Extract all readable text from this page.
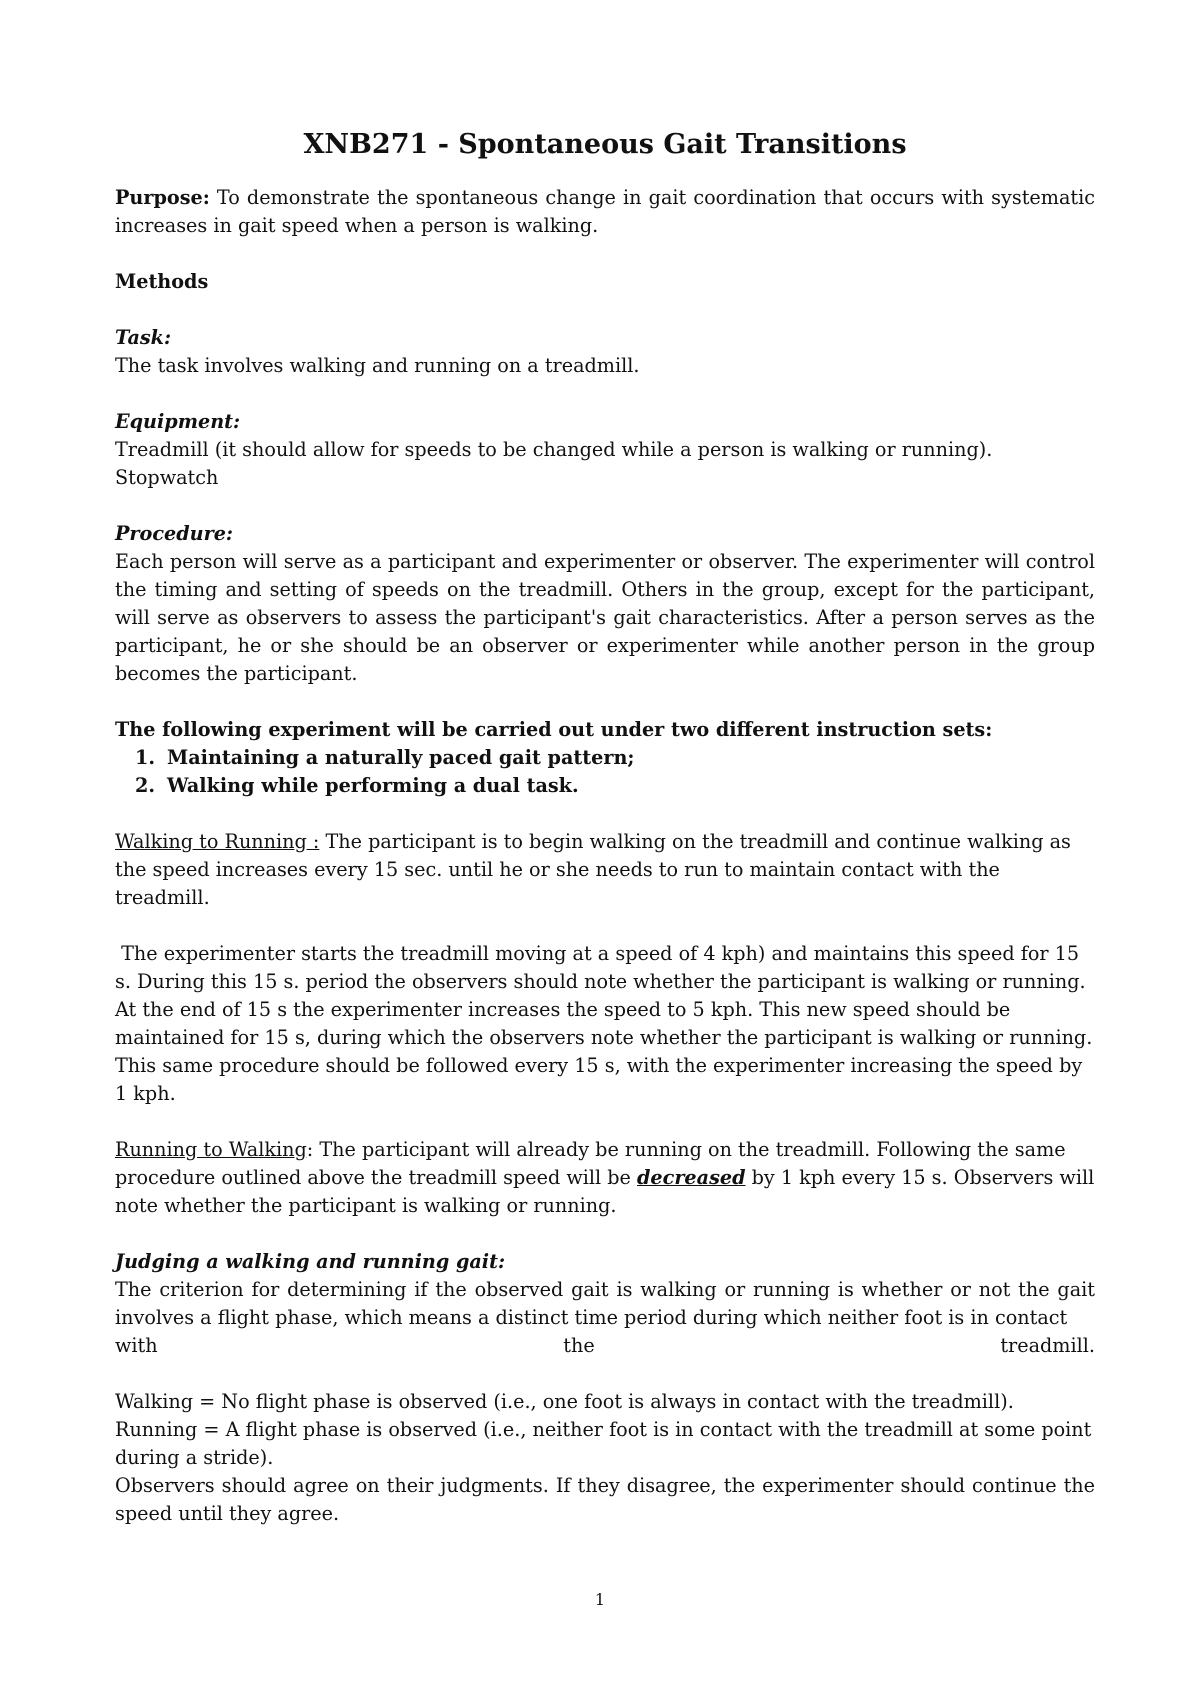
XNB271 - Spontaneous Gait Transitions

Purpose: To demonstrate the spontaneous change in gait coordination that occurs with systematic increases in gait speed when a person is walking.

Methods

Task:

The task involves walking and running on a treadmill.

Equipment:

Treadmill (it should allow for speeds to be changed while a person is walking or running).

Stopwatch

Procedure:

Each person will serve as a participant and experimenter or observer. The experimenter will control the timing and setting of speeds on the treadmill. Others in the group, except for the participant, will serve as observers to assess the participant's gait characteristics. After a person serves as the participant, he or she should be an observer or experimenter while another person in the group becomes the participant.

The following experiment will be carried out under two different instruction sets:

1. Maintaining a naturally paced gait pattern;
2. Walking while performing a dual task.

Walking to Running : The participant is to begin walking on the treadmill and continue walking as the speed increases every 15 sec. until he or she needs to run to maintain contact with the treadmill.

The experimenter starts the treadmill moving at a speed of 4 kph) and maintains this speed for 15 s. During this 15 s. period the observers should note whether the participant is walking or running. At the end of 15 s the experimenter increases the speed to 5 kph. This new speed should be maintained for 15 s, during which the observers note whether the participant is walking or running. This same procedure should be followed every 15 s, with the experimenter increasing the speed by 1 kph.

Running to Walking: The participant will already be running on the treadmill. Following the same procedure outlined above the treadmill speed will be decreased by 1 kph every 15 s. Observers will note whether the participant is walking or running.

Judging a walking and running gait:

The criterion for determining if the observed gait is walking or running is whether or not the gait involves a flight phase, which means a distinct time period during which neither foot is in contact

with	the	treadmill.

Walking = No flight phase is observed (i.e., one foot is always in contact with the treadmill).

Running = A flight phase is observed (i.e., neither foot is in contact with the treadmill at some point during a stride).

Observers should agree on their judgments. If they disagree, the experimenter should continue the speed until they agree.

1
